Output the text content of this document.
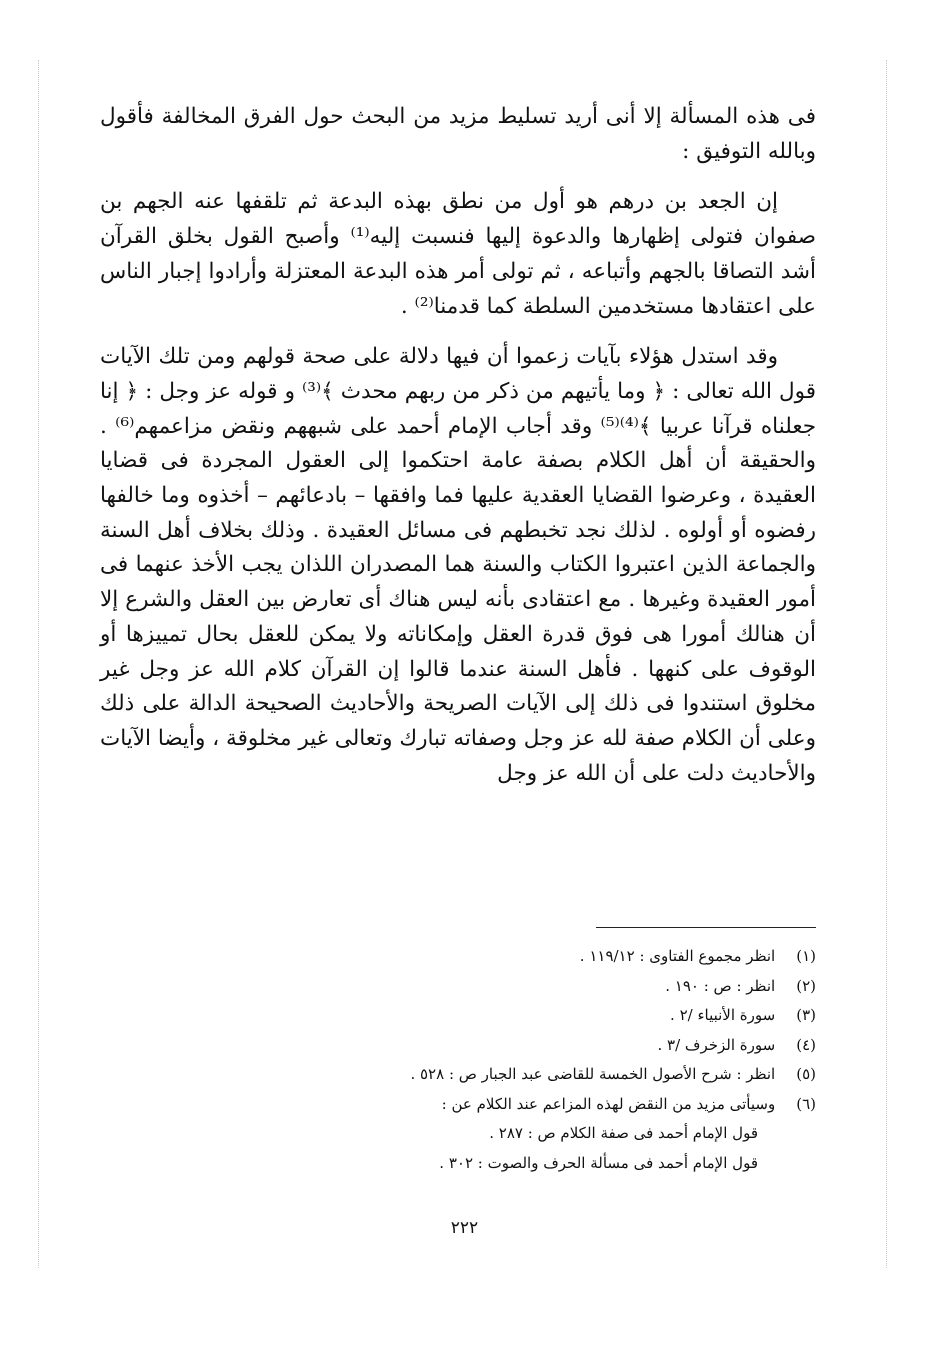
فى هذه المسألة إلا أنى أريد تسليط مزيد من البحث حول الفرق المخالفة فأقول وبالله التوفيق :

إن الجعد بن درهم هو أول من نطق بهذه البدعة ثم تلقفها عنه الجهم بن صفوان فتولى إظهارها والدعوة إليها فنسبت إليه⁽¹⁾ وأصبح القول بخلق القرآن أشد التصاقا بالجهم وأتباعه ، ثم تولى أمر هذه البدعة المعتزلة وأرادوا إجبار الناس على اعتقادها مستخدمين السلطة كما قدمنا⁽²⁾ .

وقد استدل هؤلاء بآيات زعموا أن فيها دلالة على صحة قولهم ومن تلك الآيات قول الله تعالى : ﴿ وما يأتيهم من ذكر من ربهم محدث ﴾⁽³⁾ و قوله عز وجل : ﴿ إنا جعلناه قرآنا عربيا ﴾⁽⁴⁾⁽⁵⁾ وقد أجاب الإمام أحمد على شبههم ونقض مزاعمهم⁽⁶⁾ . والحقيقة أن أهل الكلام بصفة عامة احتكموا إلى العقول المجردة فى قضايا العقيدة ، وعرضوا القضايا العقدية عليها فما وافقها – بادعائهم – أخذوه وما خالفها رفضوه أو أولوه . لذلك نجد تخبطهم فى مسائل العقيدة . وذلك بخلاف أهل السنة والجماعة الذين اعتبروا الكتاب والسنة هما المصدران اللذان يجب الأخذ عنهما فى أمور العقيدة وغيرها . مع اعتقادى بأنه ليس هناك أى تعارض بين العقل والشرع إلا أن هنالك أمورا هى فوق قدرة العقل وإمكاناته ولا يمكن للعقل بحال تمييزها أو الوقوف على كنهها . فأهل السنة عندما قالوا إن القرآن كلام الله عز وجل غير مخلوق استندوا فى ذلك إلى الآيات الصريحة والأحاديث الصحيحة الدالة على ذلك وعلى أن الكلام صفة لله عز وجل وصفاته تبارك وتعالى غير مخلوقة ، وأيضا الآيات والأحاديث دلت على أن الله عز وجل

(١) انظر مجموع الفتاوى : ١١٩/١٢ .
(٢) انظر : ص : ١٩٠ .
(٣) سورة الأنبياء /٢ .
(٤) سورة الزخرف /٣ .
(٥) انظر : شرح الأصول الخمسة للقاضى عبد الجبار ص : ٥٢٨ .
(٦) وسيأتى مزيد من النقض لهذه المزاعم عند الكلام عن :
قول الإمام أحمد فى صفة الكلام ص : ٢٨٧ .
قول الإمام أحمد فى مسألة الحرف والصوت : ٣٠٢ .
٢٢٢
